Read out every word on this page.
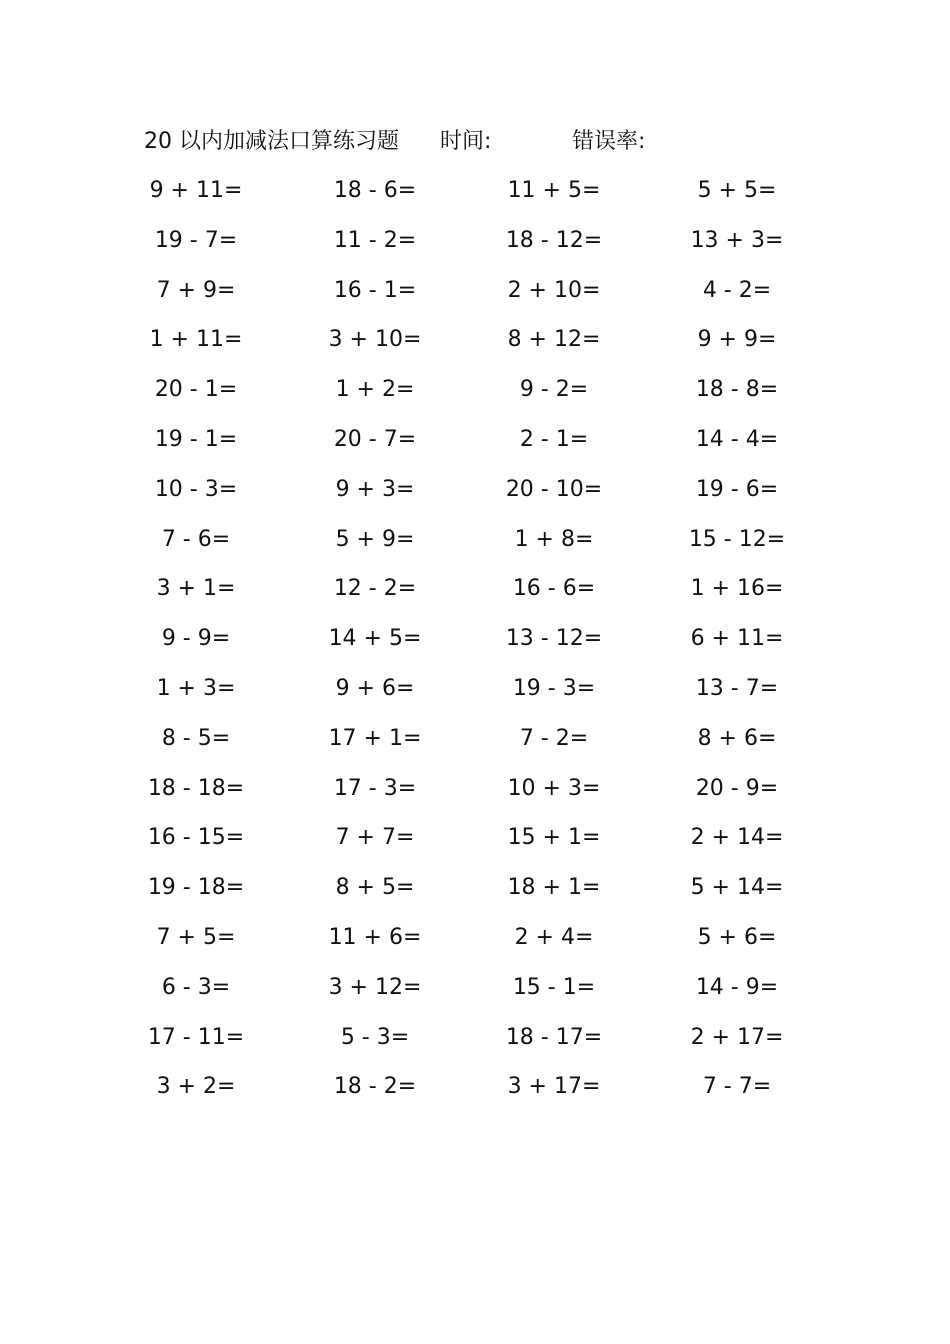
20 以内加减法口算练习题 时间:	错误率:
9 + 11=	18 - 6=	11 + 5=	5 + 5=
19 - 7=	11 - 2=	18 - 12=	13 + 3=
7 + 9=	16 - 1=	2 + 10=	4 - 2=
1 + 11=	3 + 10=	8 + 12=	9 + 9=
20 - 1=	1 + 2=	9 - 2=	18 - 8=
19 - 1=	20 - 7=	2 - 1=	14 - 4=
10 - 3=	9 + 3=	20 - 10=	19 - 6=
7 - 6=	5 + 9=	1 + 8=	15 - 12=
3 + 1=	12 - 2=	16 - 6=	1 + 16=
9 - 9=	14 + 5=	13 - 12=	6 + 11=
1 + 3=	9 + 6=	19 - 3=	13 - 7=
8 - 5=	17 + 1=	7 - 2=	8 + 6=
18 - 18=	17 - 3=	10 + 3=	20 - 9=
16 - 15=	7 + 7=	15 + 1=	2 + 14=
19 - 18=	8 + 5=	18 + 1=	5 + 14=
7 + 5=	11 + 6=	2 + 4=	5 + 6=
6 - 3=	3 + 12=	15 - 1=	14 - 9=
17 - 11=	5 - 3=	18 - 17=	2 + 17=
3 + 2=	18 - 2=	3 + 17=	7 - 7=
